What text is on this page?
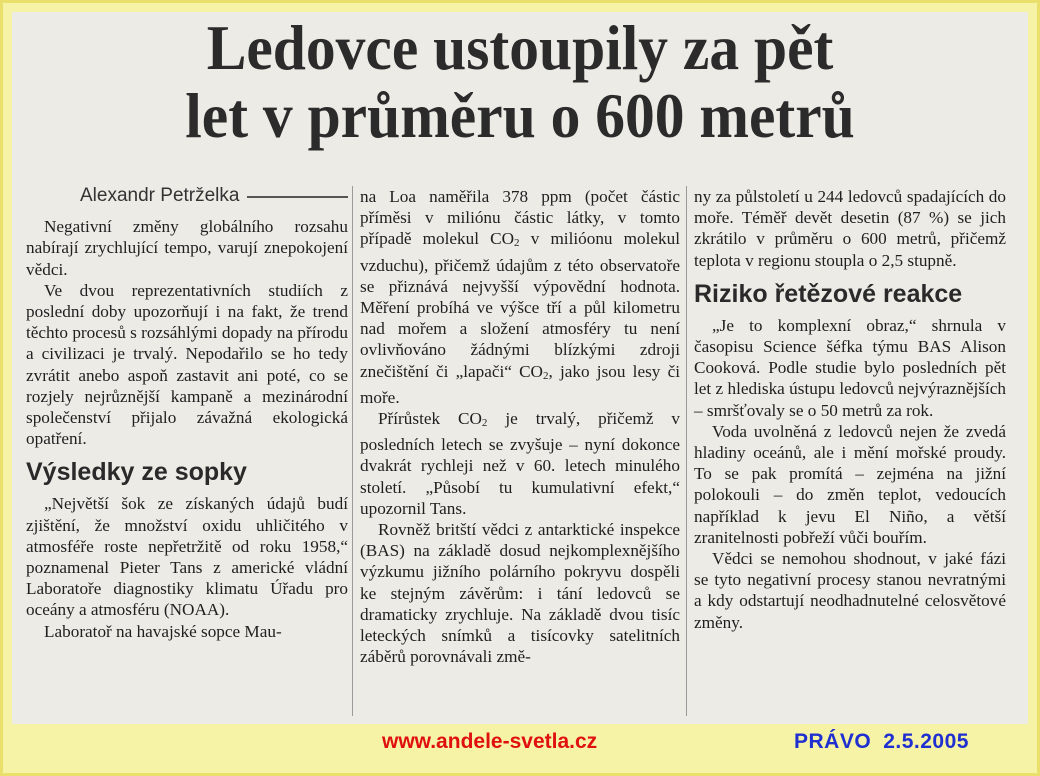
Ledovce ustoupily za pět
let v průměru o 600 metrů
Alexandr Petrželka

Negativní změny globálního rozsahu nabírají zrychlující tempo, varují znepokojení vědci.

Ve dvou reprezentativních studiích z poslední doby upozorňují i na fakt, že trend těchto procesů s rozsáhlými dopady na přírodu a civilizaci je trvalý. Nepodařilo se ho tedy zvrátit anebo aspoň zastavit ani poté, co se rozjely nejrůznější kampaně a mezinárodní společenství přijalo závažná ekologická opatření.

Výsledky ze sopky

„Největší šok ze získaných údajů budí zjištění, že množství oxidu uhličitého v atmosféře roste nepřetržitě od roku 1958,“ poznamenal Pieter Tans z americké vládní Laboratoře diagnostiky klimatu Úřadu pro oceány a atmosféru (NOAA).

Laboratoř na havajské sopce Mau-

na Loa naměřila 378 ppm (počet částic příměsi v miliónu částic látky, v tomto případě molekul $CO_2$ v milióonu molekul vzduchu), přičemž údajům z této observatoře se přiznává nejvyšší výpovědní hodnota. Měření probíhá ve výšce tří a půl kilometru nad mořem a složení atmosféry tu není ovlivňováno žádnými blízkými zdroji znečištění či „lapači“ $CO_2$, jako jsou lesy či moře.

Přírůstek $CO_2$ je trvalý, přičemž v posledních letech se zvyšuje – nyní dokonce dvakrát rychleji než v 60. letech minulého století. „Působí tu kumulativní efekt,“ upozornil Tans.

Rovněž britští vědci z antarktické inspekce (BAS) na základě dosud nejkomplexnějšího výzkumu jižního polárního pokryvu dospěli ke stejným závěrům: i tání ledovců se dramaticky zrychluje. Na základě dvou tisíc leteckých snímků a tisícovky satelitních záběrů porovnávali změ-

ny za půlstoletí u 244 ledovců spadajících do moře. Téměř devět desetin (87 %) se jich zkrátilo v průměru o 600 metrů, přičemž teplota v regionu stoupla o 2,5 stupně.

Riziko řetězové reakce

„Je to komplexní obraz,“ shrnula v časopisu Science šéfka týmu BAS Alison Cooková. Podle studie bylo posledních pět let z hlediska ústupu ledovců nejvýraznějších – smršťovaly se o 50 metrů za rok.

Voda uvolněná z ledovců nejen že zvedá hladiny oceánů, ale i mění mořské proudy. To se pak promítá – zejména na jižní polokouli – do změn teplot, vedoucích například k jevu El Niño, a větší zranitelnosti pobřeží vůči bouřím.

Vědci se nemohou shodnout, v jaké fázi se tyto negativní procesy stanou nevratnými a kdy odstartují neodhadnutelné celosvětové změny.

www.andele-svetla.cz	PRÁVO 2.5.2005
